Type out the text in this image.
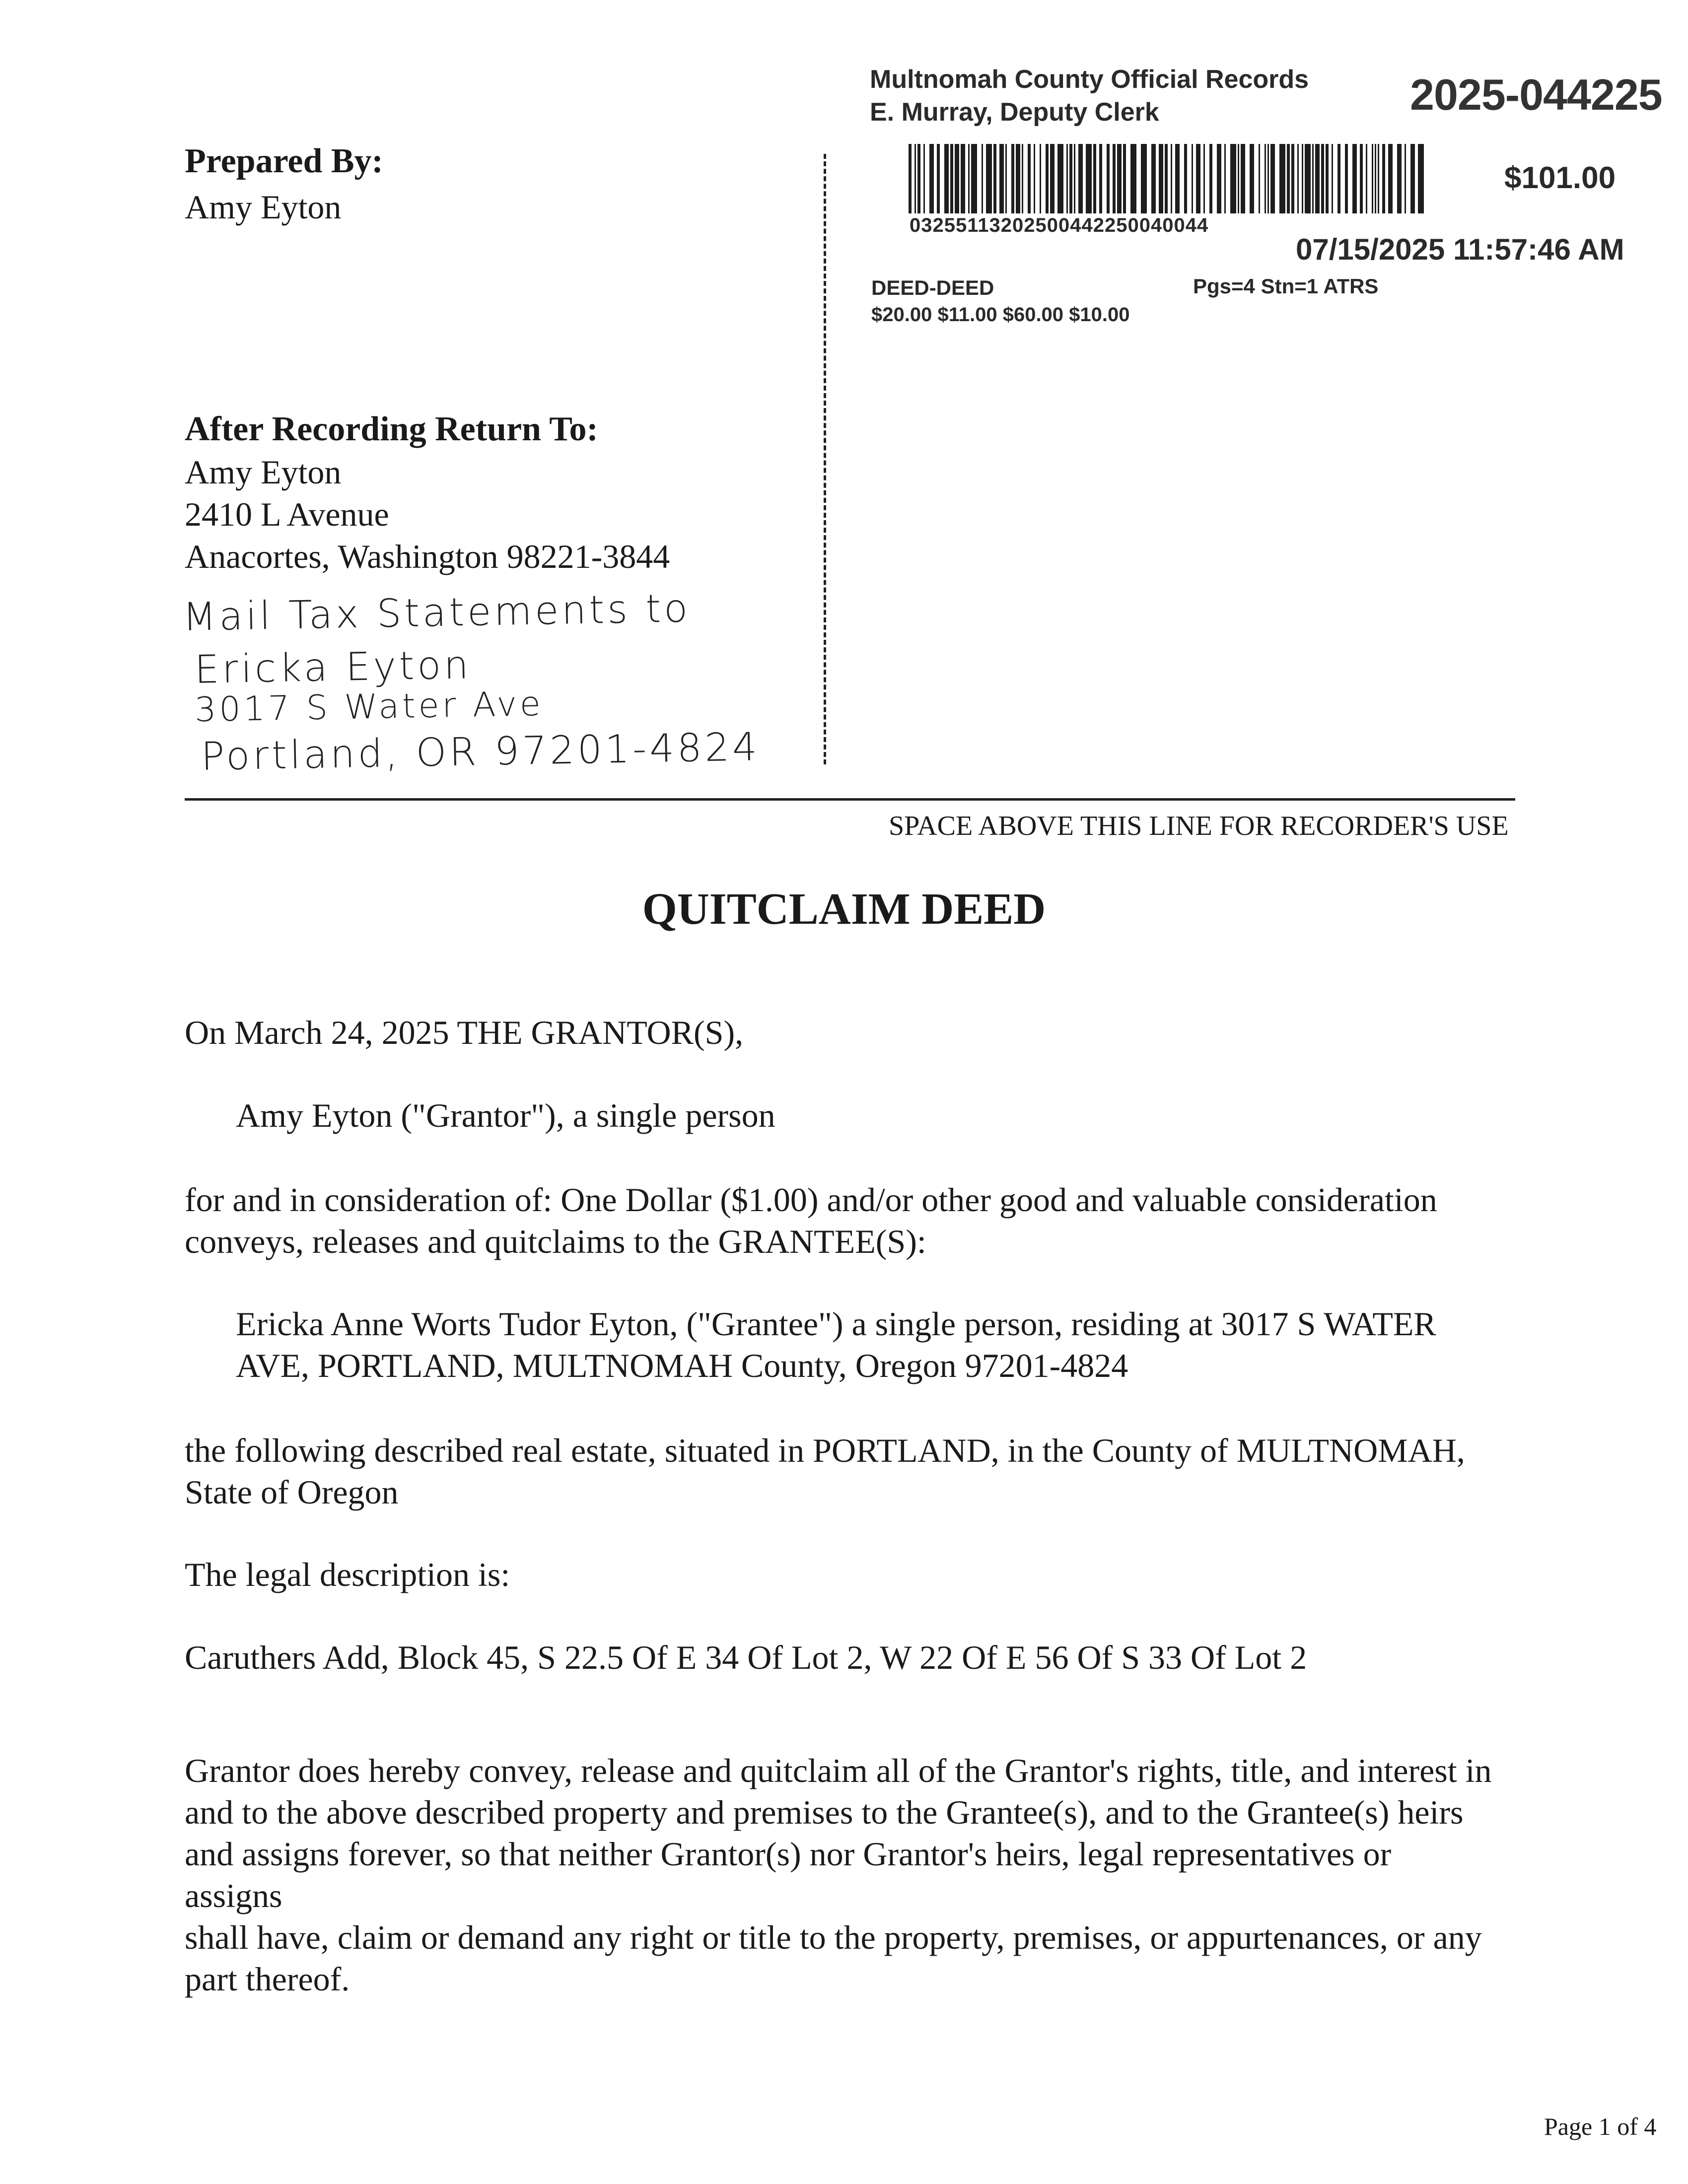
Prepared By:

Amy Eyton

After Recording Return To:

Amy Eyton

2410 L Avenue

Anacortes, Washington 98221-3844

Mail Tax Statements to

Ericka Eyton

3017 S Water Ave

Portland, OR 97201-4824

Multnomah County Official Records

E. Murray, Deputy Clerk	2025-044225

03255113202500442250040044

$101.00

07/15/2025 11:57:46 AM

DEED-DEED	Pgs=4 Stn=1 ATRS

$20.00 $11.00 $60.00 $10.00

SPACE ABOVE THIS LINE FOR RECORDER'S USE

QUITCLAIM DEED

On March 24, 2025 THE GRANTOR(S),

Amy Eyton ("Grantor"), a single person

for and in consideration of: One Dollar ($1.00) and/or other good and valuable consideration
conveys, releases and quitclaims to the GRANTEE(S):
Ericka Anne Worts Tudor Eyton, ("Grantee") a single person, residing at 3017 S WATER
AVE, PORTLAND, MULTNOMAH County, Oregon 97201-4824
the following described real estate, situated in PORTLAND, in the County of MULTNOMAH,
State of Oregon

The legal description is:

Caruthers Add, Block 45, S 22.5 Of E 34 Of Lot 2, W 22 Of E 56 Of S 33 Of Lot 2

Grantor does hereby convey, release and quitclaim all of the Grantor's rights, title, and interest in
and to the above described property and premises to the Grantee(s), and to the Grantee(s) heirs
and assigns forever, so that neither Grantor(s) nor Grantor's heirs, legal representatives or assigns
shall have, claim or demand any right or title to the property, premises, or appurtenances, or any
part thereof.

Page 1 of 4
